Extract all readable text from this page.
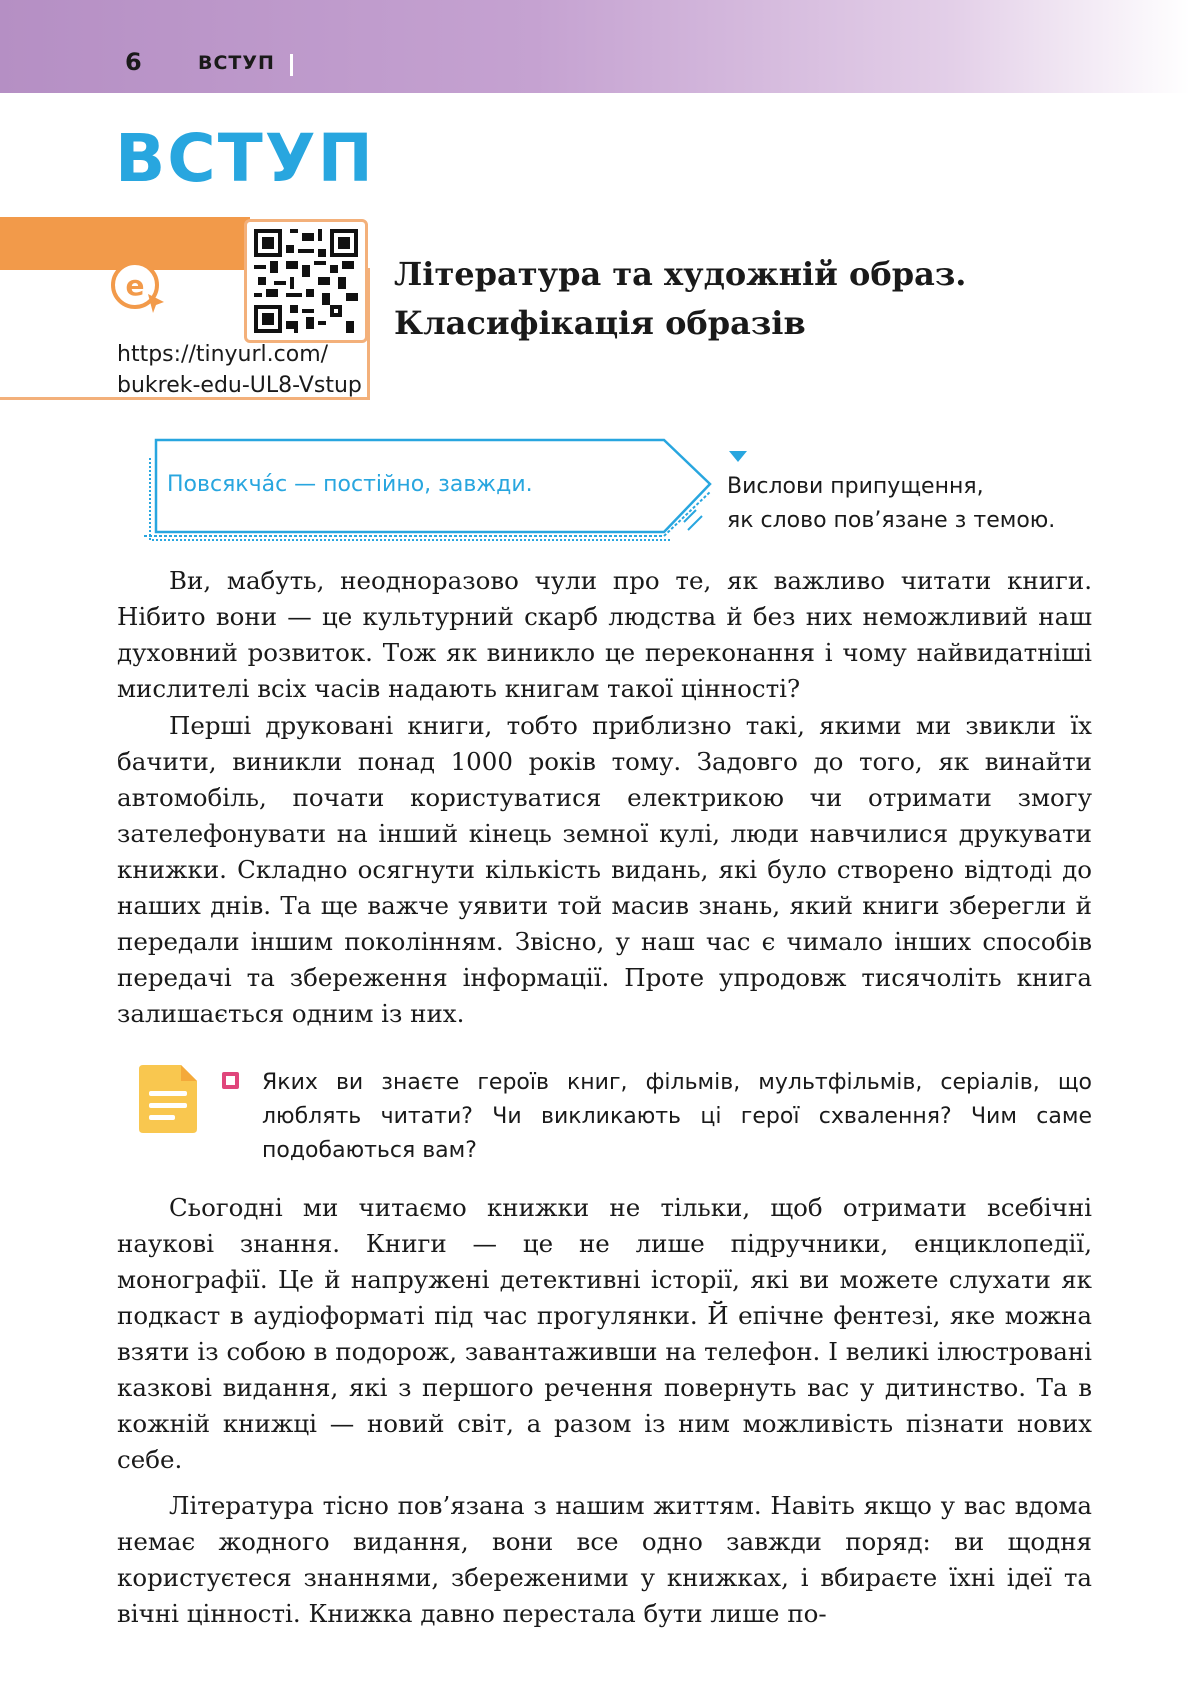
6	ВСТУП
ВСТУП
e
https://tinyurl.com/
bukrek-edu-UL8-Vstup
Література та художній образ.
Класифікація образів
Повсякча́с — постійно, завжди.	Вислови припущення,
як слово пов’язане з темою.
Ви, мабуть, неодноразово чули про те, як важливо читати книги. Нібито вони — це культурний скарб людства й без них неможливий наш духовний розвиток. Тож як виникло це переконання і чому найвидатніші мислителі всіх часів надають книгам такої цінності?
Перші друковані книги, тобто приблизно такі, якими ми звикли їх бачити, виникли понад 1000 років тому. Задовго до того, як винайти автомобіль, почати користуватися електрикою чи отримати змогу зателефонувати на інший кінець земної кулі, люди навчилися друкувати книжки. Складно осягнути кількість видань, які було створено відтоді до наших днів. Та ще важче уявити той масив знань, який книги зберегли й передали іншим поколінням. Звісно, у наш час є чимало інших способів передачі та збереження інформації. Проте упродовж тисячоліть книга залишається одним із них.
Яких ви знаєте героїв книг, фільмів, мультфільмів, серіалів, що люблять читати? Чи викликають ці герої схвалення? Чим саме подобаються вам?
Сьогодні ми читаємо книжки не тільки, щоб отримати всебічні наукові знання. Книги — це не лише підручники, енциклопедії, монографії. Це й напружені детективні історії, які ви можете слухати як подкаст в аудіоформаті під час прогулянки. Й епічне фентезі, яке можна взяти із собою в подорож, завантаживши на телефон. І великі ілюстровані казкові видання, які з першого речення повернуть вас у дитинство. Та в кожній книжці — новий світ, а разом із ним можливість пізнати нових себе.
Література тісно пов’язана з нашим життям. Навіть якщо у вас вдома немає жодного видання, вони все одно завжди поряд: ви щодня користуєтеся знаннями, збереженими у книжках, і вбираєте їхні ідеї та вічні цінності. Книжка давно перестала бути лише по-
